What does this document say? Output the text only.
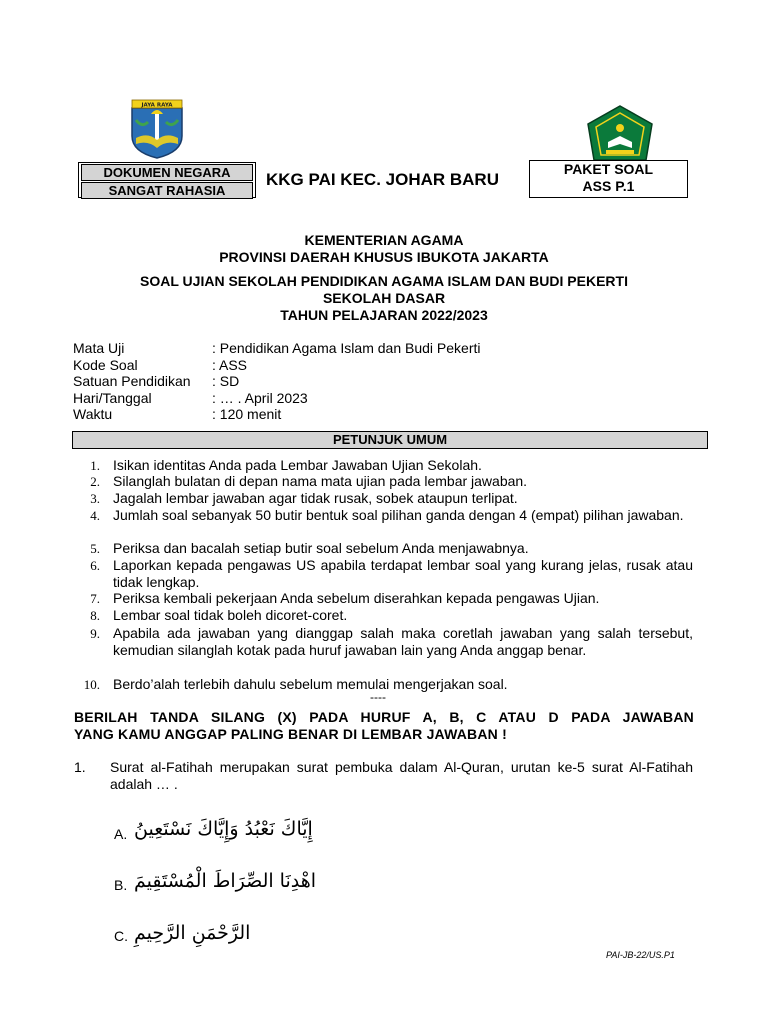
JAYA RAYA
DOKUMEN NEGARA
SANGAT RAHASIA
KKG PAI KEC. JOHAR BARU
PAKET SOAL
ASS P.1
KEMENTERIAN AGAMA
PROVINSI DAERAH KHUSUS IBUKOTA JAKARTA
SOAL UJIAN SEKOLAH PENDIDIKAN AGAMA ISLAM DAN BUDI PEKERTI
SEKOLAH DASAR
TAHUN PELAJARAN 2022/2023
Mata Uji	: Pendidikan Agama Islam dan Budi Pekerti
Kode Soal	: ASS
Satuan Pendidikan : SD
Hari/Tanggal	: … . April 2023
Waktu	: 120 menit
PETUNJUK UMUM
1. Isikan identitas Anda pada Lembar Jawaban Ujian Sekolah.
2. Silanglah bulatan di depan nama mata ujian pada lembar jawaban.
3. Jagalah lembar jawaban agar tidak rusak, sobek ataupun terlipat.
4. Jumlah soal sebanyak 50 butir bentuk soal pilihan ganda dengan 4 (empat) pilihan jawaban.
5. Periksa dan bacalah setiap butir soal sebelum Anda menjawabnya.
6. Laporkan kepada pengawas US apabila terdapat lembar soal yang kurang jelas, rusak atau tidak lengkap.
7. Periksa kembali pekerjaan Anda sebelum diserahkan kepada pengawas Ujian.
8. Lembar soal tidak boleh dicoret-coret.
9. Apabila ada jawaban yang dianggap salah maka coretlah jawaban yang salah tersebut, kemudian silanglah kotak pada huruf jawaban lain yang Anda anggap benar.
10. Berdo’alah terlebih dahulu sebelum memulai mengerjakan soal.
----
BERILAH TANDA SILANG (X) PADA HURUF A, B, C ATAU D PADA JAWABAN
YANG KAMU ANGGAP PALING BENAR DI LEMBAR JAWABAN !
1. Surat al-Fatihah merupakan surat pembuka dalam Al-Quran, urutan ke-5 surat Al-Fatihah adalah … .
A. إِيَّاكَ نَعْبُدُ وَإِيَّاكَ نَسْتَعِينُ
B. اهْدِنَا الصِّرَاطَ الْمُسْتَقِيمَ
C. الرَّحْمَنِ الرَّحِيمِ
PAI-JB-22/US.P1
